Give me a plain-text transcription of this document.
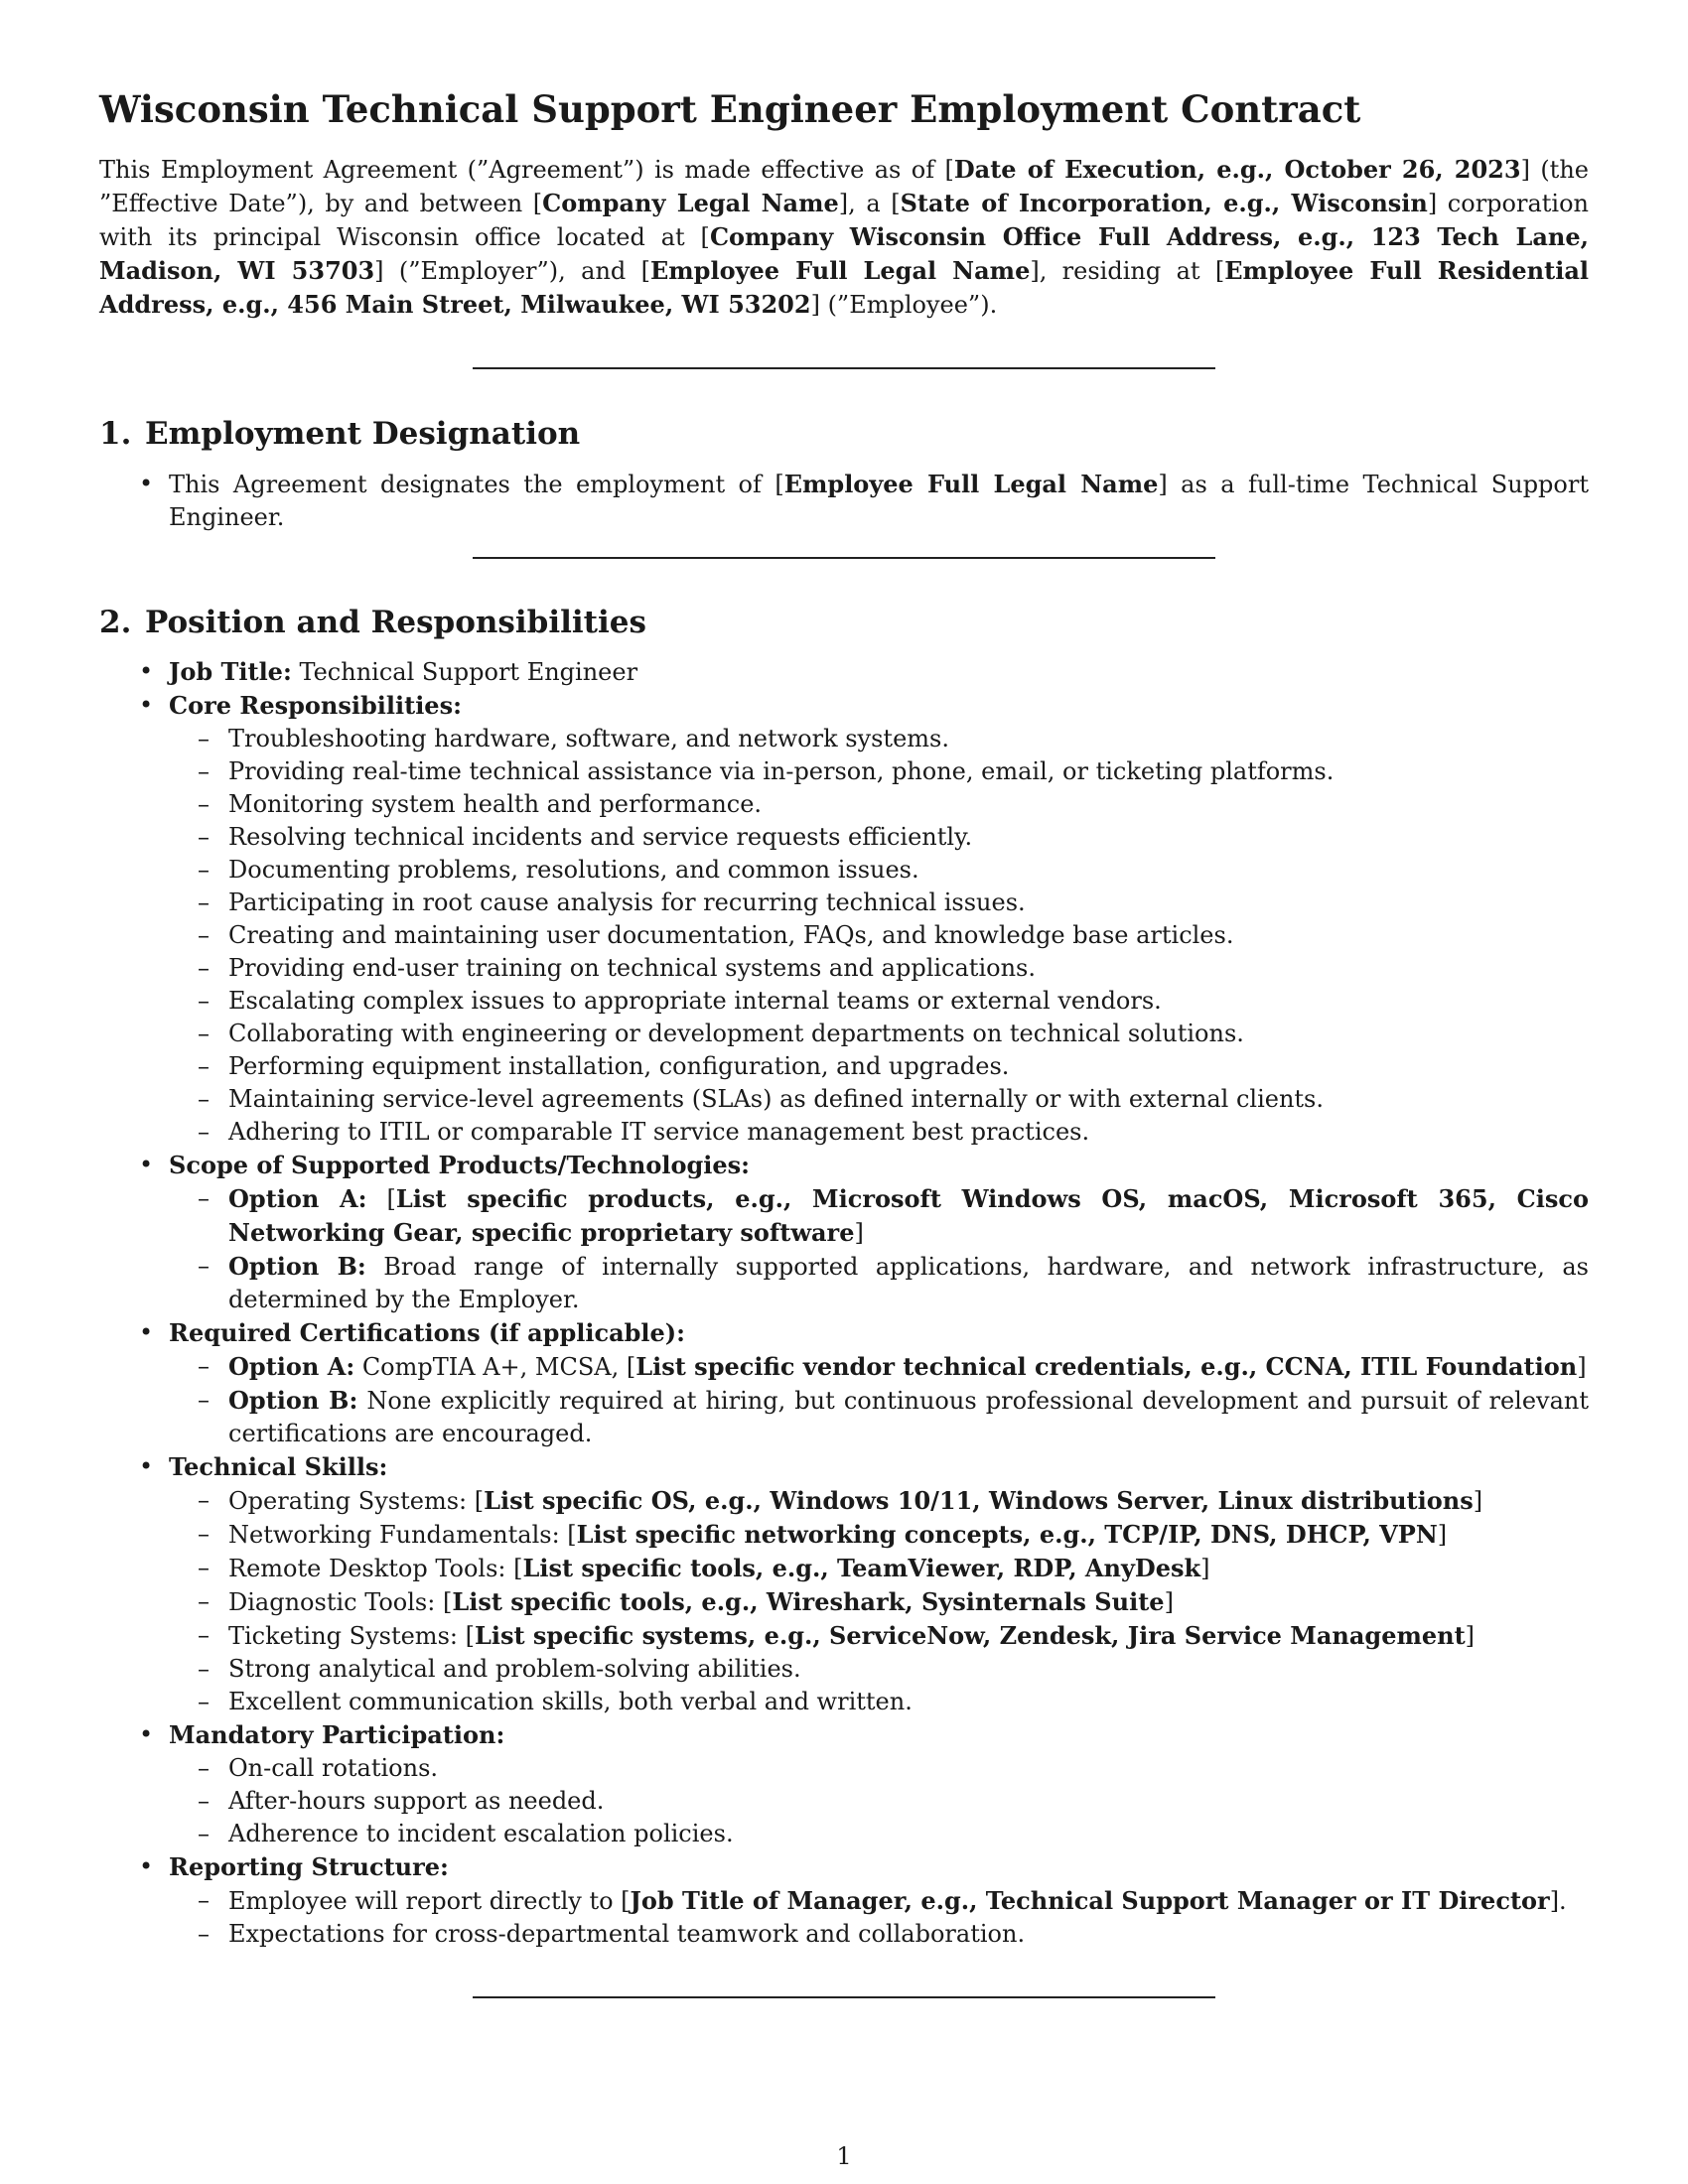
Wisconsin Technical Support Engineer Employment Contract

This Employment Agreement (”Agreement”) is made effective as of [Date of Execution, e.g., October 26, 2023] (the ”Effective Date”), by and between [Company Legal Name], a [State of Incorporation, e.g., Wisconsin] corporation with its principal Wisconsin office located at [Company Wisconsin Office Full Address, e.g., 123 Tech Lane, Madison, WI 53703] (”Employer”), and [Employee Full Legal Name], residing at [Employee Full Residential Address, e.g., 456 Main Street, Milwaukee, WI 53202] (”Employee”).

1. Employment Designation
• This Agreement designates the employment of [Employee Full Legal Name] as a full-time Technical Support Engineer.
2. Position and Responsibilities
• Job Title: Technical Support Engineer
• Core Responsibilities:
– Troubleshooting hardware, software, and network systems.
– Providing real-time technical assistance via in-person, phone, email, or ticketing platforms.
– Monitoring system health and performance.
– Resolving technical incidents and service requests efficiently.
– Documenting problems, resolutions, and common issues.
– Participating in root cause analysis for recurring technical issues.
– Creating and maintaining user documentation, FAQs, and knowledge base articles.
– Providing end-user training on technical systems and applications.
– Escalating complex issues to appropriate internal teams or external vendors.
– Collaborating with engineering or development departments on technical solutions.
– Performing equipment installation, configuration, and upgrades.
– Maintaining service-level agreements (SLAs) as defined internally or with external clients.
– Adhering to ITIL or comparable IT service management best practices.
• Scope of Supported Products/Technologies:
– Option A: [List specific products, e.g., Microsoft Windows OS, macOS, Microsoft 365, Cisco Networking Gear, specific proprietary software]
– Option B: Broad range of internally supported applications, hardware, and network infrastructure, as determined by the Employer.
• Required Certifications (if applicable):
– Option A: CompTIA A+, MCSA, [List specific vendor technical credentials, e.g., CCNA, ITIL Foundation]
– Option B: None explicitly required at hiring, but continuous professional development and pursuit of relevant certifications are encouraged.
• Technical Skills:
– Operating Systems: [List specific OS, e.g., Windows 10/11, Windows Server, Linux distributions]
– Networking Fundamentals: [List specific networking concepts, e.g., TCP/IP, DNS, DHCP, VPN]
– Remote Desktop Tools: [List specific tools, e.g., TeamViewer, RDP, AnyDesk]
– Diagnostic Tools: [List specific tools, e.g., Wireshark, Sysinternals Suite]
– Ticketing Systems: [List specific systems, e.g., ServiceNow, Zendesk, Jira Service Management]
– Strong analytical and problem-solving abilities.
– Excellent communication skills, both verbal and written.
• Mandatory Participation:
– On-call rotations.
– After-hours support as needed.
– Adherence to incident escalation policies.
• Reporting Structure:
– Employee will report directly to [Job Title of Manager, e.g., Technical Support Manager or IT Director].
– Expectations for cross-departmental teamwork and collaboration.
1
